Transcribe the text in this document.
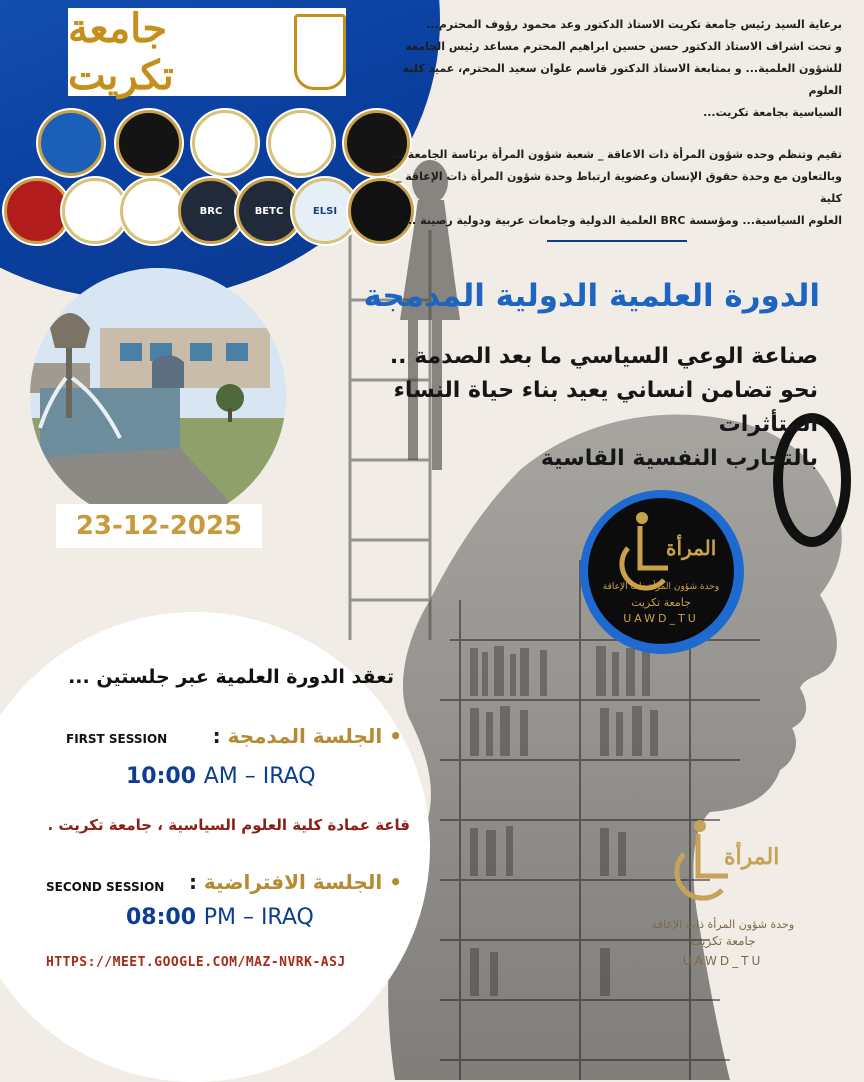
جامعة تكريت
BRC	BETC	ELSI
برعاية السيد رئيس جامعة تكريت الاستاذ الدكتور وعد محمود رؤوف المحترم...
و تحت اشراف الاستاذ الدكتور حسن حسين ابراهيم المحترم مساعد رئيس الجامعة
للشؤون العلمية... و بمتابعة الاستاذ الدكتور قاسم علوان سعيد المحترم، عميد كلية العلوم
السياسية بجامعة تكريت...
تقيم وتنظم وحده شؤون المرأة ذات الاعاقة _ شعبة شؤون المرأة برئاسة الجامعة ...
وبالتعاون مع وحدة حقوق الإنسان وعضوية ارتباط وحدة شؤون المرأة ذات الإعاقة _ كلية
العلوم السياسية... ومؤسسة BRC العلمية الدولية وجامعات عربية ودولية رصينة ...
الدورة العلمية الدولية المدمجة
صناعة الوعي السياسي ما بعد الصدمة ..
نحو تضامن انساني يعيد بناء حياة النساء المتأثرات
بالتجارب النفسية القاسية
23-12-2025
المرأة
وحدة شؤون المرأة ذات الإعاقة
جامعة تكريت
UAWD_TU
تعقد الدورة العلمية عبر جلستين ...
FIRST SESSION	• الجلسة المدمجة :
10:00 AM – IRAQ
قاعة عمادة كلية العلوم السياسية ، جامعة تكريت .
SECOND SESSION	• الجلسة الافتراضية :
08:00 PM – IRAQ
HTTPS://MEET.GOOGLE.COM/MAZ-NVRK-ASJ
المرأة
وحدة شؤون المرأة ذات الإعاقة
جامعة تكريت
UAWD_TU
